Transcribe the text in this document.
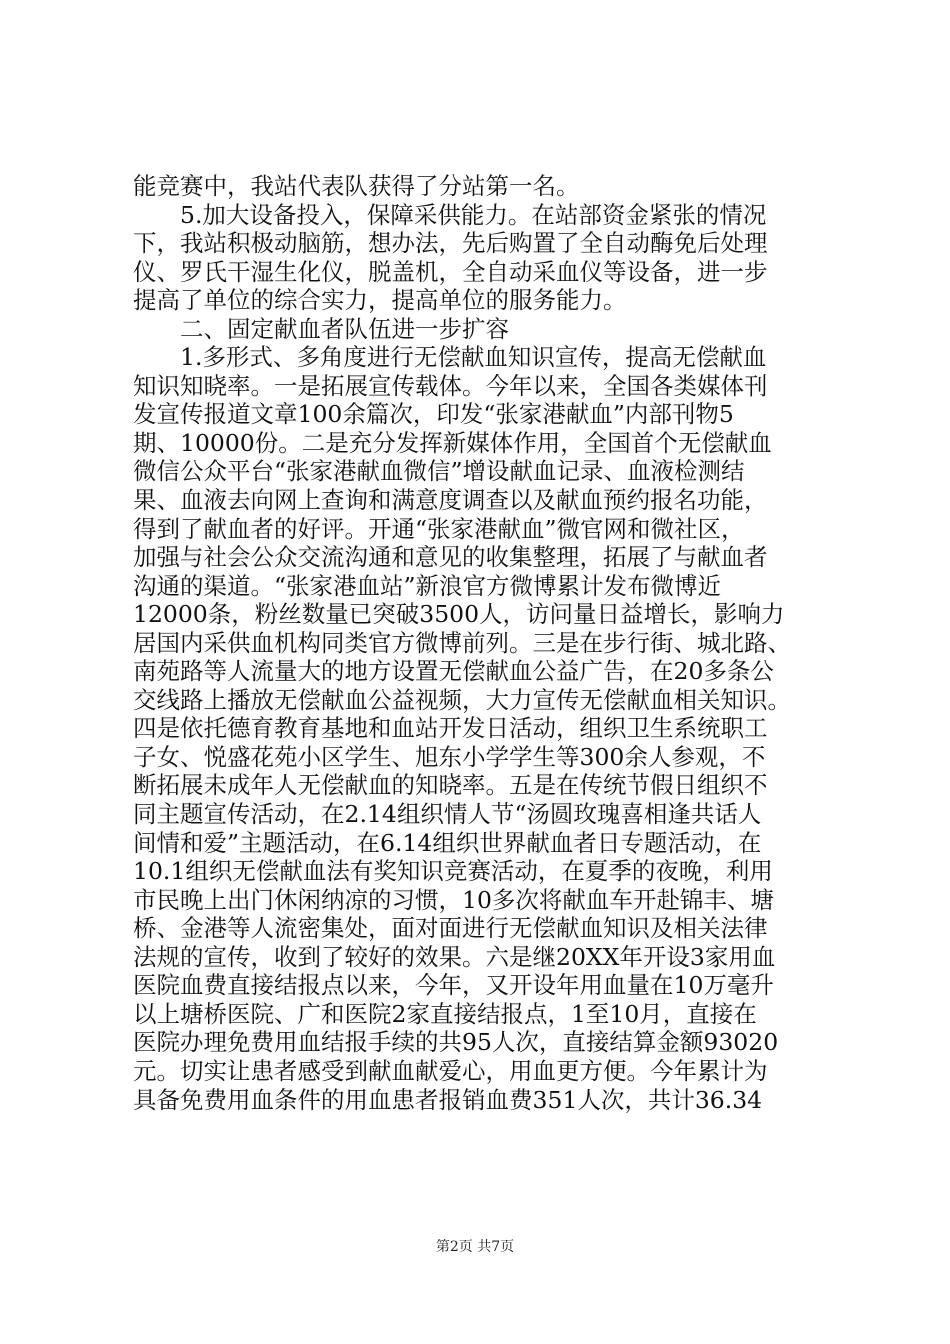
能竞赛中，我站代表队获得了分站第一名。
5.加大设备投入，保障采供能力。在站部资金紧张的情况
下，我站积极动脑筋，想办法，先后购置了全自动酶免后处理
仪、罗氏干湿生化仪，脱盖机，全自动采血仪等设备，进一步
提高了单位的综合实力，提高单位的服务能力。
二、固定献血者队伍进一步扩容
1.多形式、多角度进行无偿献血知识宣传，提高无偿献血
知识知晓率。一是拓展宣传载体。今年以来，全国各类媒体刊
发宣传报道文章100余篇次，印发“张家港献血”内部刊物5
期、10000份。二是充分发挥新媒体作用，全国首个无偿献血
微信公众平台“张家港献血微信”增设献血记录、血液检测结
果、血液去向网上查询和满意度调查以及献血预约报名功能，
得到了献血者的好评。开通“张家港献血”微官网和微社区，
加强与社会公众交流沟通和意见的收集整理，拓展了与献血者
沟通的渠道。“张家港血站”新浪官方微博累计发布微博近
12000条，粉丝数量已突破3500人，访问量日益增长，影响力
居国内采供血机构同类官方微博前列。三是在步行街、城北路、
南苑路等人流量大的地方设置无偿献血公益广告，在20多条公
交线路上播放无偿献血公益视频，大力宣传无偿献血相关知识。
四是依托德育教育基地和血站开发日活动，组织卫生系统职工
子女、悦盛花苑小区学生、旭东小学学生等300余人参观，不
断拓展未成年人无偿献血的知晓率。五是在传统节假日组织不
同主题宣传活动，在2.14组织情人节“汤圆玫瑰喜相逢共话人
间情和爱”主题活动，在6.14组织世界献血者日专题活动，在
10.1组织无偿献血法有奖知识竞赛活动，在夏季的夜晚，利用
市民晚上出门休闲纳凉的习惯，10多次将献血车开赴锦丰、塘
桥、金港等人流密集处，面对面进行无偿献血知识及相关法律
法规的宣传，收到了较好的效果。六是继20XX年开设3家用血
医院血费直接结报点以来，今年，又开设年用血量在10万毫升
以上塘桥医院、广和医院2家直接结报点，1至10月，直接在
医院办理免费用血结报手续的共95人次，直接结算金额93020
元。切实让患者感受到献血献爱心，用血更方便。今年累计为
具备免费用血条件的用血患者报销血费351人次，共计36.34
第2页 共7页
